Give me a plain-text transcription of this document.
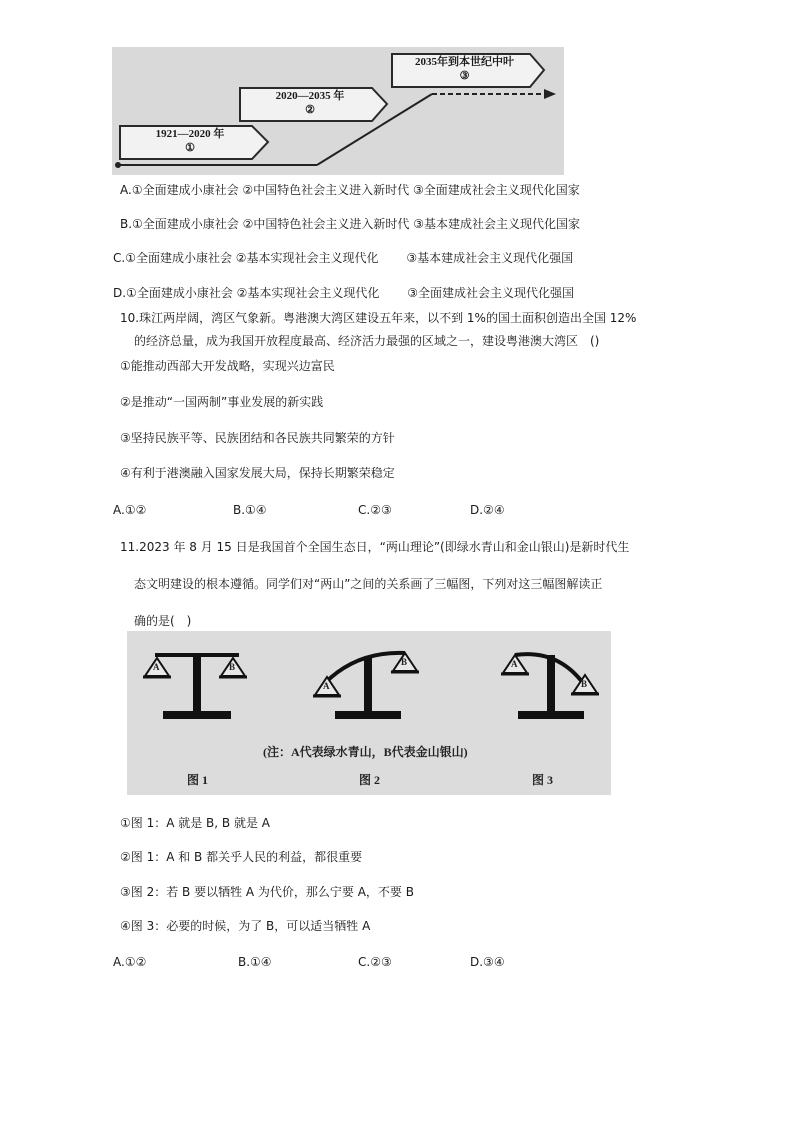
1921—2020 年
①
2020—2035 年
②
2035年到本世纪中叶
③
A.①全面建成小康社会 ②中国特色社会主义进入新时代 ③全面建成社会主义现代化国家
B.①全面建成小康社会 ②中国特色社会主义进入新时代 ③基本建成社会主义现代化国家
C.①全面建成小康社会 ②基本实现社会主义现代化　　 ③基本建成社会主义现代化强国
D.①全面建成小康社会 ②基本实现社会主义现代化　　 ③全面建成社会主义现代化强国
10.珠江两岸阔，湾区气象新。粤港澳大湾区建设五年来，以不到 1%的国土面积创造出全国 12%
的经济总量，成为我国开放程度最高、经济活力最强的区域之一，建设粤港澳大湾区　()
①能推动西部大开发战略，实现兴边富民
②是推动“一国两制”事业发展的新实践
③坚持民族平等、民族团结和各民族共同繁荣的方针
④有利于港澳融入国家发展大局，保持长期繁荣稳定
A.①②	B.①④	C.②③	D.②④
11.2023 年 8 月 15 日是我国首个全国生态日，“两山理论”(即绿水青山和金山银山)是新时代生
态文明建设的根本遵循。同学们对“两山”之间的关系画了三幅图，下列对这三幅图解读正
确的是(　)
A	B
A
B	A
B
(注：A代表绿水青山，B代表金山银山)
图 1	图 2	图 3
①图 1：A 就是 B, B 就是 A
②图 1：A 和 B 都关乎人民的利益，都很重要
③图 2：若 B 要以牺牲 A 为代价，那么宁要 A，不要 B
④图 3：必要的时候，为了 B，可以适当牺牲 A
A.①②	B.①④	C.②③	D.③④
